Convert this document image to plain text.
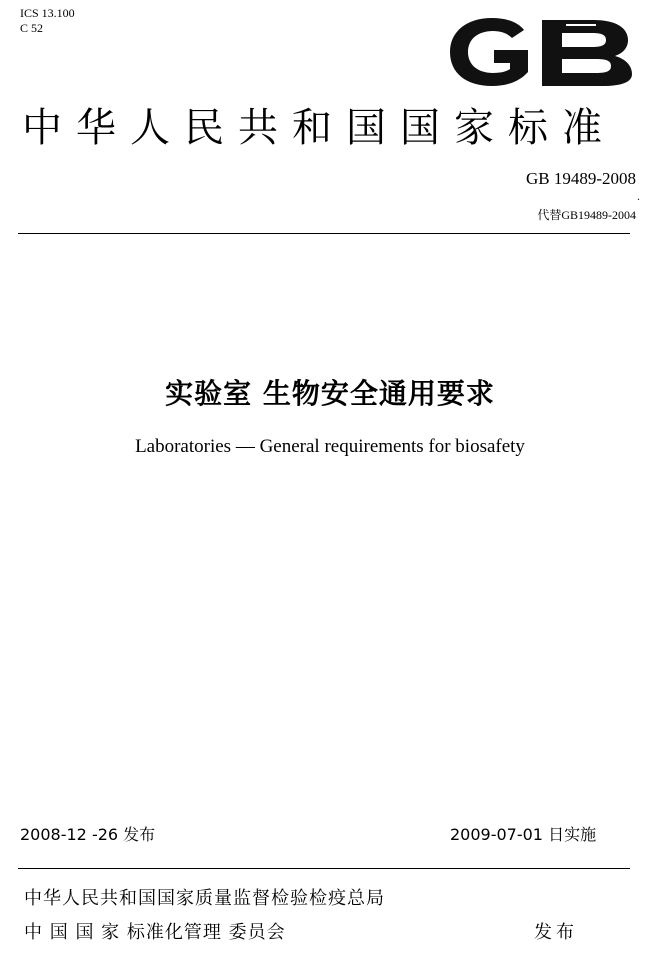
ICS 13.100
C 52
中华人民共和国国家标准
GB 19489-2008
.
代替GB19489-2004
实验室 生物安全通用要求
Laboratories — General requirements for biosafety
2008-12 -26 发布	2009-07-01 日实施
中华人民共和国国家质量监督检验检疫总局
中 国 国 家 标准化管理 委员会	发布
